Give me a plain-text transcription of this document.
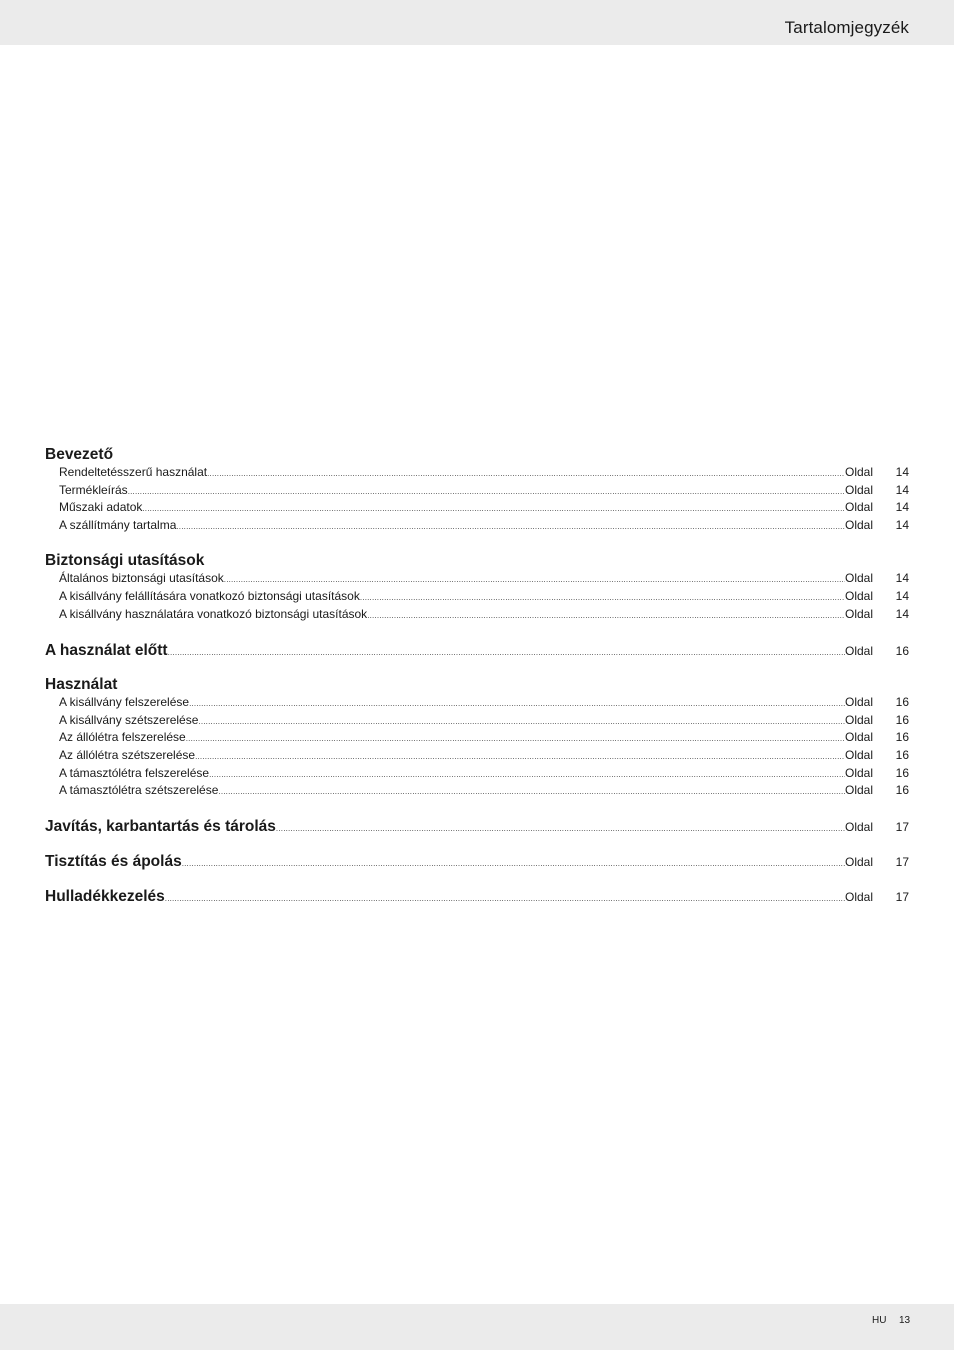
Tartalomjegyzék
Bevezető
Rendeltetésszerű használat .....	Oldal	14
Termékleírás .....	Oldal	14
Műszaki adatok .....	Oldal	14
A szállítmány tartalma .....	Oldal	14
Biztonsági utasítások
Általános biztonsági utasítások .....	Oldal	14
A kisállvány felállítására vonatkozó biztonsági utasítások .....	Oldal	14
A kisállvány használatára vonatkozó biztonsági utasítások .....	Oldal	14
A használat előtt .....	Oldal	16
Használat
A kisállvány felszerelése .....	Oldal	16
A kisállvány szétszerelése .....	Oldal	16
Az állólétra felszerelése .....	Oldal	16
Az állólétra szétszerelése .....	Oldal	16
A támasztólétra felszerelése .....	Oldal	16
A támasztólétra szétszerelése .....	Oldal	16
Javítás, karbantartás és tárolás .....	Oldal	17
Tisztítás és ápolás .....	Oldal	17
Hulladékkezelés .....	Oldal	17
HU 13
